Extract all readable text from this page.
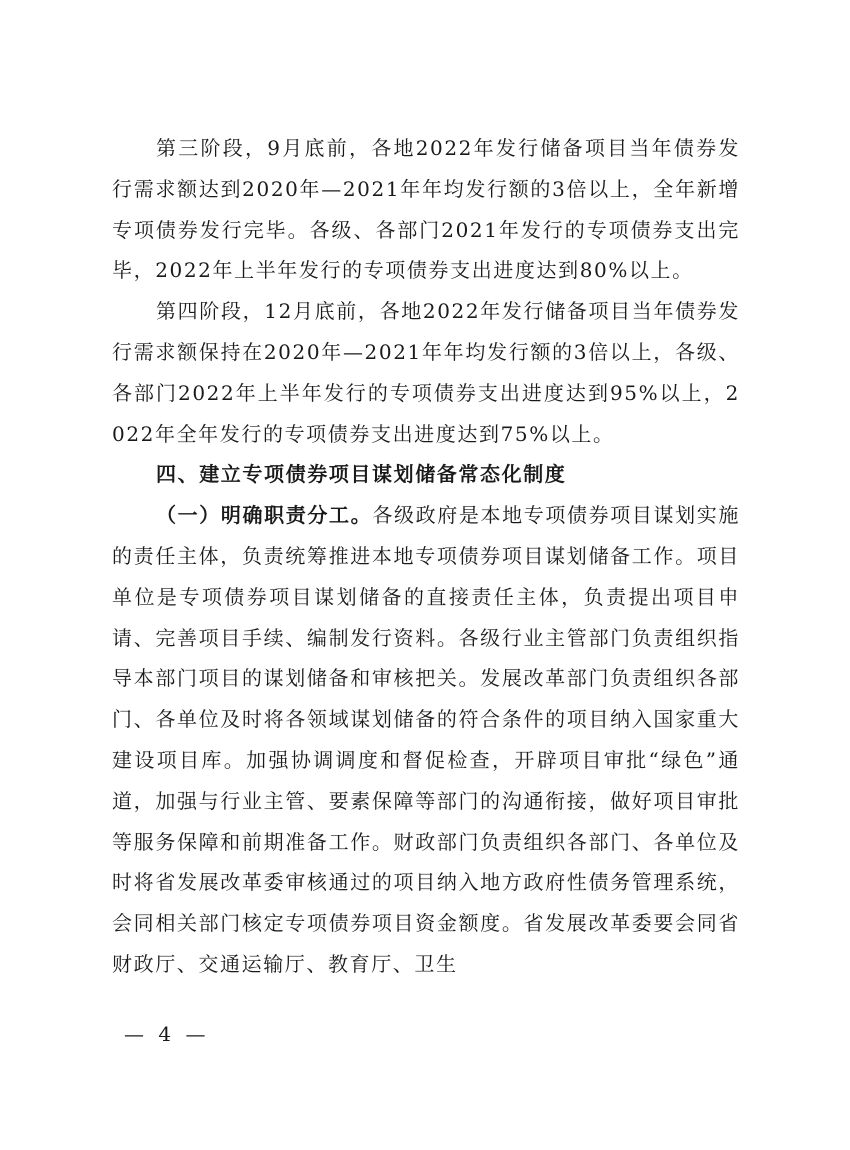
第三阶段，9月底前，各地2022年发行储备项目当年债券发行需求额达到2020年—2021年年均发行额的3倍以上，全年新增专项债券发行完毕。各级、各部门2021年发行的专项债券支出完毕，2022年上半年发行的专项债券支出进度达到80%以上。

第四阶段，12月底前，各地2022年发行储备项目当年债券发行需求额保持在2020年—2021年年均发行额的3倍以上，各级、各部门2022年上半年发行的专项债券支出进度达到95%以上，2022年全年发行的专项债券支出进度达到75%以上。

四、建立专项债券项目谋划储备常态化制度

（一）明确职责分工。各级政府是本地专项债券项目谋划实施的责任主体，负责统筹推进本地专项债券项目谋划储备工作。项目单位是专项债券项目谋划储备的直接责任主体，负责提出项目申请、完善项目手续、编制发行资料。各级行业主管部门负责组织指导本部门项目的谋划储备和审核把关。发展改革部门负责组织各部门、各单位及时将各领域谋划储备的符合条件的项目纳入国家重大建设项目库。加强协调调度和督促检查，开辟项目审批“绿色”通道，加强与行业主管、要素保障等部门的沟通衔接，做好项目审批等服务保障和前期准备工作。财政部门负责组织各部门、各单位及时将省发展改革委审核通过的项目纳入地方政府性债务管理系统，会同相关部门核定专项债券项目资金额度。省发展改革委要会同省财政厅、交通运输厅、教育厅、卫生

— 4 —
